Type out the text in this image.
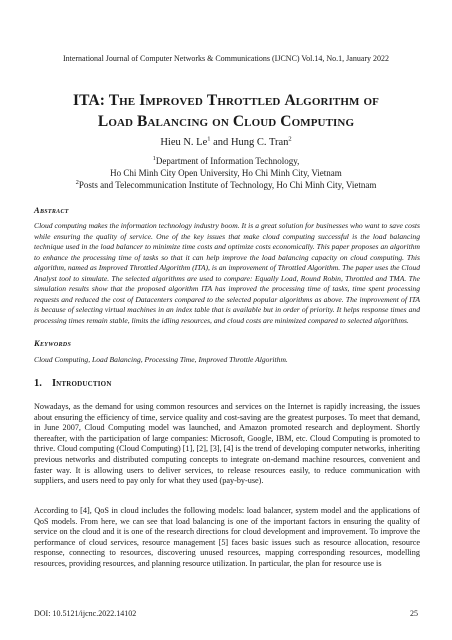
International Journal of Computer Networks & Communications (IJCNC) Vol.14, No.1, January 2022
ITA: The Improved Throttled Algorithm of
Load Balancing on Cloud Computing
Hieu N. Le$^1$ and Hung C. Tran$^2$
$^1$Department of Information Technology,
Ho Chi Minh City Open University, Ho Chi Minh City, Vietnam
$^2$Posts and Telecommunication Institute of Technology, Ho Chi Minh City, Vietnam
Abstract
Cloud computing makes the information technology industry boom. It is a great solution for businesses who want to save costs while ensuring the quality of service. One of the key issues that make cloud computing successful is the load balancing technique used in the load balancer to minimize time costs and optimize costs economically. This paper proposes an algorithm to enhance the processing time of tasks so that it can help improve the load balancing capacity on cloud computing. This algorithm, named as Improved Throttled Algorithm (ITA), is an improvement of Throttled Algorithm. The paper uses the Cloud Analyst tool to simulate. The selected algorithms are used to compare: Equally Load, Round Robin, Throttled and TMA. The simulation results show that the proposed algorithm ITA has improved the processing time of tasks, time spent processing requests and reduced the cost of Datacenters compared to the selected popular algorithms as above. The improvement of ITA is because of selecting virtual machines in an index table that is available but in order of priority. It helps response times and processing times remain stable, limits the idling resources, and cloud costs are minimized compared to selected algorithms.
Keywords
Cloud Computing, Load Balancing, Processing Time, Improved Throttle Algorithm.
1. Introduction
Nowadays, as the demand for using common resources and services on the Internet is rapidly increasing, the issues about ensuring the efficiency of time, service quality and cost-saving are the greatest purposes. To meet that demand, in June 2007, Cloud Computing model was launched, and Amazon promoted research and deployment. Shortly thereafter, with the participation of large companies: Microsoft, Google, IBM, etc. Cloud Computing is promoted to thrive. Cloud computing (Cloud Computing) [1], [2], [3], [4] is the trend of developing computer networks, inheriting previous networks and distributed computing concepts to integrate on-demand machine resources, convenient and faster way. It is allowing users to deliver services, to release resources easily, to reduce communication with suppliers, and users need to pay only for what they used (pay-by-use).
According to [4], QoS in cloud includes the following models: load balancer, system model and the applications of QoS models. From here, we can see that load balancing is one of the important factors in ensuring the quality of service on the cloud and it is one of the research directions for cloud development and improvement. To improve the performance of cloud services, resource management [5] faces basic issues such as resource allocation, resource response, connecting to resources, discovering unused resources, mapping corresponding resources, modelling resources, providing resources, and planning resource utilization. In particular, the plan for resource use is
DOI: 10.5121/ijcnc.2022.14102	25
